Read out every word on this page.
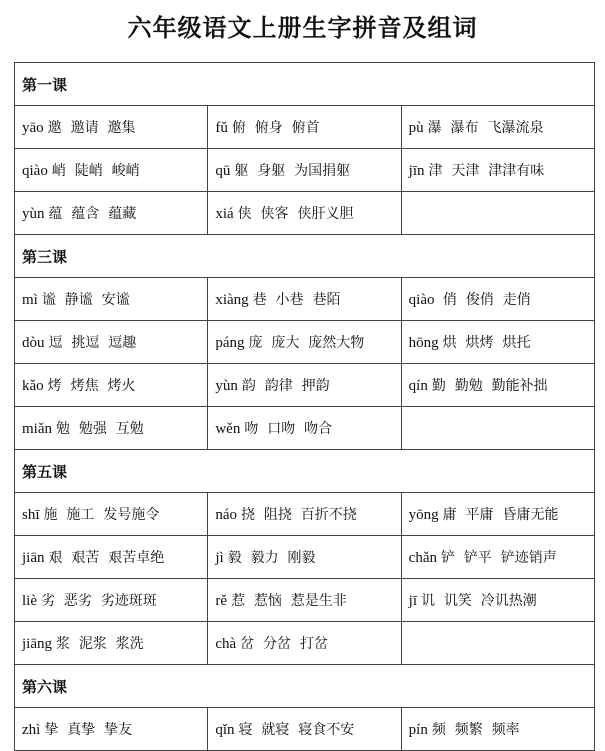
六年级语文上册生字拼音及组词
第一课		
yāo 邀  邀请  邀集	fǔ 俯  俯身  俯首	pù 瀑  瀑布  飞瀑流泉
qiào 峭  陡峭  峻峭	qū 躯  身躯  为国捐躯	jīn 津  天津  津津有味
yùn 蕴  蕴含  蕴藏	xiá 侠  侠客  侠肝义胆	
第三课		
mì 谧  静谧  安谧	xiàng 巷  小巷  巷陌	qiào 俏  俊俏  走俏
dòu 逗  挑逗  逗趣	páng 庞  庞大  庞然大物	hōng 烘  烘烤  烘托
kǎo 烤  烤焦  烤火	yùn 韵  韵律  押韵	qín 勤  勤勉  勤能补拙
miǎn 勉  勉强  互勉	wěn 吻  口吻  吻合	
第五课		
shī 施  施工  发号施令	náo 挠  阻挠  百折不挠	yōng 庸  平庸  昏庸无能
jiān 艰  艰苦  艰苦卓绝	jì 毅  毅力  刚毅	chǎn 铲  铲平  铲迹销声
liè 劣  恶劣  劣迹斑斑	rě 惹  惹恼  惹是生非	jī 讥  讥笑  冷讥热潮
jiāng 浆  泥浆  浆洗	chà 岔  分岔  打岔	
第六课		
zhì 挚  真挚  挚友	qǐn 寝  就寝  寝食不安	pín 频  频繁  频率
